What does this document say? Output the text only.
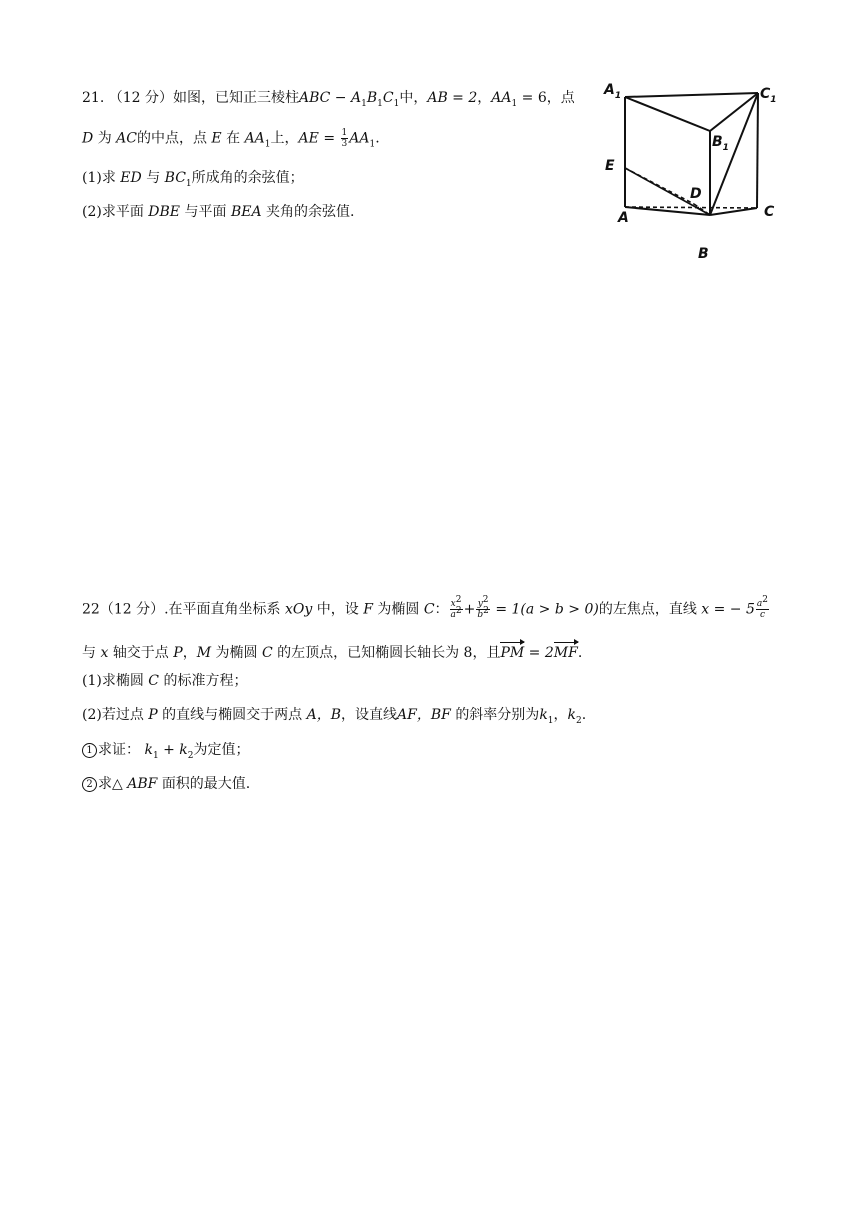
21. （12 分）如图，已知正三棱柱ABC − $A_1B_1C_1$中，AB = 2，$AA_1 = 6$，点
D 为 AC的中点，点 E 在 $AA_1$上，AE = $\frac{1}{3} AA_1$.
(1)求 ED 与 $BC_1$所成角的余弦值；
(2)求平面 DBE 与平面 BEA 夹角的余弦值.
$A_1$	$C_1$
$B_1$
E
D
A	C
B
22（12 分）.在平面直角坐标系 xOy 中，设 F 为椭圆 C： $\frac{x^2}{a^2} + \frac{y^2}{b^2} = 1(a > b > 0)$的左焦点，直线 x = − $5 \frac{a^2}{c}$
与 x 轴交于点 P，M 为椭圆 C 的左顶点，已知椭圆长轴长为 8，且PM = 2MF.
(1)求椭圆 C 的标准方程；
(2)若过点 P 的直线与椭圆交于两点 A，B，设直线AF，BF 的斜率分别为$k_1$，$k_2$.
1 求证： $k_1 + k_2$为定值；
2 求△ ABF 面积的最大值.
